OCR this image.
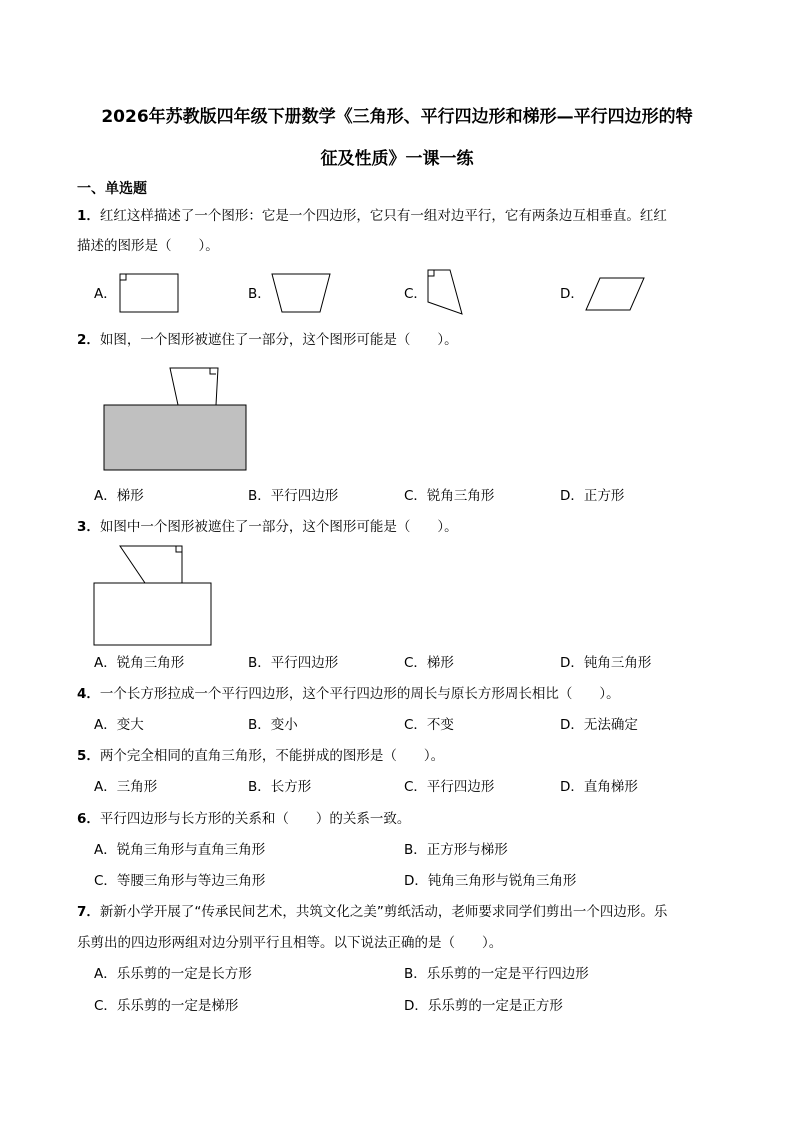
2026年苏教版四年级下册数学《三角形、平行四边形和梯形—平行四边形的特
征及性质》一课一练
一、单选题
1．红红这样描述了一个图形：它是一个四边形，它只有一组对边平行，它有两条边互相垂直。红红
描述的图形是（　　）。
A．	B．	C．	D．
2．如图，一个图形被遮住了一部分，这个图形可能是（　　）。
A．梯形	B．平行四边形	C．锐角三角形	D．正方形
3．如图中一个图形被遮住了一部分，这个图形可能是（　　）。
A．锐角三角形	B．平行四边形	C．梯形	D．钝角三角形
4．一个长方形拉成一个平行四边形，这个平行四边形的周长与原长方形周长相比（　　）。
A．变大	B．变小	C．不变	D．无法确定
5．两个完全相同的直角三角形，不能拼成的图形是（　　）。
A．三角形	B．长方形	C．平行四边形	D．直角梯形
6．平行四边形与长方形的关系和（　　）的关系一致。
A．锐角三角形与直角三角形	B．正方形与梯形
C．等腰三角形与等边三角形	D．钝角三角形与锐角三角形
7．新新小学开展了“传承民间艺术，共筑文化之美”剪纸活动，老师要求同学们剪出一个四边形。乐
乐剪出的四边形两组对边分别平行且相等。以下说法正确的是（　　）。
A．乐乐剪的一定是长方形	B．乐乐剪的一定是平行四边形
C．乐乐剪的一定是梯形	D．乐乐剪的一定是正方形
